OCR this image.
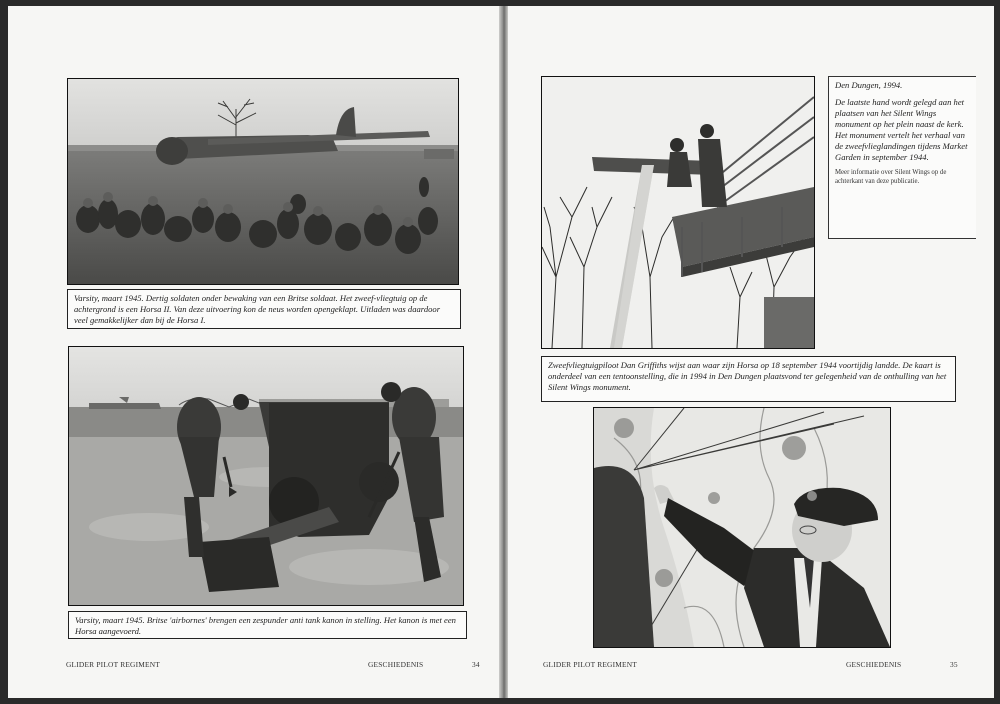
Varsity, maart 1945. Dertig soldaten onder bewaking van een Britse soldaat. Het zweef-vliegtuig op de achtergrond is een Horsa II. Van deze uitvoering kon de neus worden opengeklapt. Uitladen was daardoor veel gemakkelijker dan bij de Horsa I.
Varsity, maart 1945. Britse 'airbornes' brengen een zespunder anti tank kanon in stelling. Het kanon is met een Horsa aangevoerd.
GLIDER PILOT REGIMENT	GESCHIEDENIS	34

Den Dungen, 1994.

De laatste hand wordt gelegd aan het plaatsen van het Silent Wings monument op het plein naast de kerk. Het monument vertelt het verhaal van de zweefvlieglandingen tijdens Market Garden in september 1944.

Meer informatie over Silent Wings op de achterkant van deze publicatie.

Zweefvliegtuigpiloot Dan Griffiths wijst aan waar zijn Horsa op 18 september 1944 voortijdig landde. De kaart is onderdeel van een tentoonstelling, die in 1994 in Den Dungen plaatsvond ter gelegenheid van de onthulling van het Silent Wings monument.
GLIDER PILOT REGIMENT	GESCHIEDENIS	35
